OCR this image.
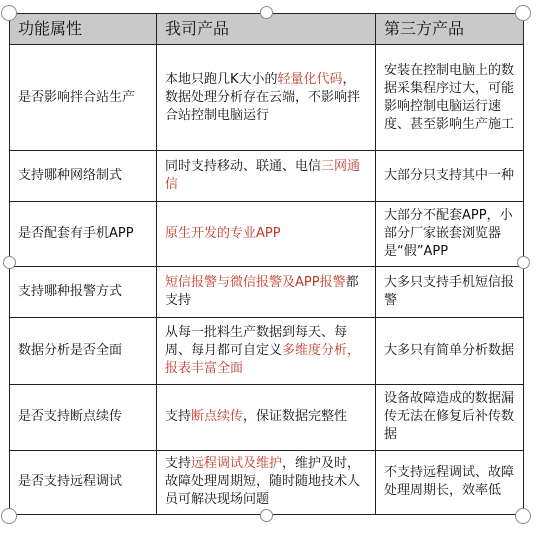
功能属性	我司产品	第三方产品
是否影响拌合站生产	本地只跑几K大小的轻量化代码，数据处理分析存在云端，不影响拌合站控制电脑运行	安装在控制电脑上的数据采集程序过大，可能影响控制电脑运行速度、甚至影响生产施工
支持哪种网络制式	同时支持移动、联通、电信三网通信	大部分只支持其中一种
是否配套有手机APP	原生开发的专业APP	大部分不配套APP，小部分厂家嵌套浏览器是“假”APP
支持哪种报警方式	短信报警与微信报警及APP报警都支持	大多只支持手机短信报警
数据分析是否全面	从每一批料生产数据到每天、每周、每月都可自定义多维度分析，报表丰富全面	大多只有简单分析数据
是否支持断点续传	支持断点续传，保证数据完整性	设备故障造成的数据漏传无法在修复后补传数据
是否支持远程调试	支持远程调试及维护，维护及时，故障处理周期短，随时随地技术人员可解决现场问题	不支持远程调试、故障处理周期长，效率低
